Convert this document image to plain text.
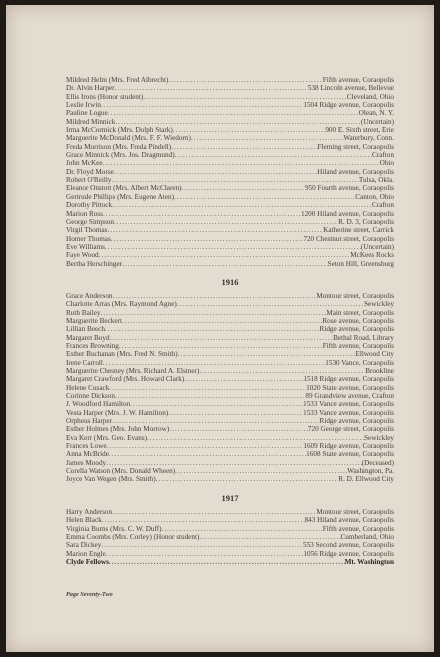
Mildred Helm (Mrs. Fred Albrecht) .....	Fifth avenue, Coraopolis
Dr. Alvin Harper .....	538 Lincoln avenue, Bellevue
Ellis Irons (Honor student) .....	Cleveland, Ohio
Leslie Irwin .....	1504 Ridge avenue, Coraopolis
Pauline Logue .....	Olean, N. Y.
Mildred Minnick .....	(Uncertain)
Irma McCormick (Mrs. Dolph Stark) .....	900 E. Sixth street, Erie
Marguerite McDonald (Mrs. F. F. Wiedorn) .....	Waterbury, Conn.
Freda Morrison (Mrs. Freda Pindell) .....	Fleming street, Coraopolis
Grace Minnick (Mrs. Jos. Dragmund) .....	Crafton
John McKee .....	Ohio
Dr. Floyd Morse .....	Hiland avenue, Coraopolis
Robert O'Reilly .....	Tulsa, Okla.
Eleanor Onstott (Mrs. Albert McClaren) .....	950 Fourth avenue, Coraopolis
Gertrude Phillips (Mrs. Eugene Aten) .....	Canton, Ohio
Dorothy Pittock .....	Crafton
Marion Ross .....	1200 Hiland avenue, Coraopolis
George Simpson .....	R. D. 3, Coraopolis
Virgil Thomas .....	Katherine street, Carrick
Homer Thomas .....	720 Chestnut street, Coraopolis
Eve Williams .....	(Uncertain)
Faye Wood .....	McKees Rocks
Bertha Herschinger .....	Seton Hill, Greensburg
1916
Grace Anderson .....	Montour street, Coraopolis
Charlotte Arras (Mrs. Raymond Agne) .....	Sewickley
Ruth Bailey .....	Main street, Coraopolis
Marguerite Beckert .....	Rose avenue, Coraopolis
Lillian Beech .....	Ridge avenue, Coraopolis
Margaret Boyd .....	Bethal Road, Library
Frances Browning .....	Fifth avenue, Coraopolis
Esther Buchanan (Mrs. Fred N. Smith) .....	Ellwood City
Irene Carroll .....	1530 Vance, Coraopolis
Marguerite Chesney (Mrs. Richard A. Elstner) .....	Brookline
Margaret Crawford (Mrs. Howard Clark) .....	1518 Ridge avenue, Coraopolis
Helene Cusack .....	1020 State avenue, Coraopolis
Corinne Dickson .....	89 Grandview avenue, Crafton
J. Woodford Hamilton .....	1533 Vance avenue, Coraopolis
Vesta Harper (Mrs. J. W. Hamilton) .....	1533 Vance avenue, Coraopolis
Orpheus Harper .....	Ridge avenue, Coraopolis
Esther Holmes (Mrs. John Morrow) .....	720 George street, Coraopolis
Eva Kerr (Mrs. Geo. Evans) .....	Sewickley
Frances Lowe .....	1609 Ridge avenue, Coraopolis
Anna McBride .....	1608 State avenue, Coraopolis
James Moody .....	(Deceased)
Corella Watson (Mrs. Donald Wheen) .....	Washington, Pa.
Joyce Van Wegen (Mrs. Smith) .....	R. D. Ellwood City
1917
Harry Anderson .....	Montour street, Coraopolis
Helen Black .....	843 Hiland avenue, Coraopolis
Virginia Burns (Mrs. C. W. Duff) .....	Fifth avenue, Coraopolis
Emma Coombs (Mrs. Corley) (Honor student) .....	Cumberland, Ohio
Sara Dickey .....	553 Second avenue, Coraopolis
Marion Engle .....	1056 Ridge avenue, Coraopolis
Clyde Fellows .....	Mt. Washington
Page Seventy-Two
